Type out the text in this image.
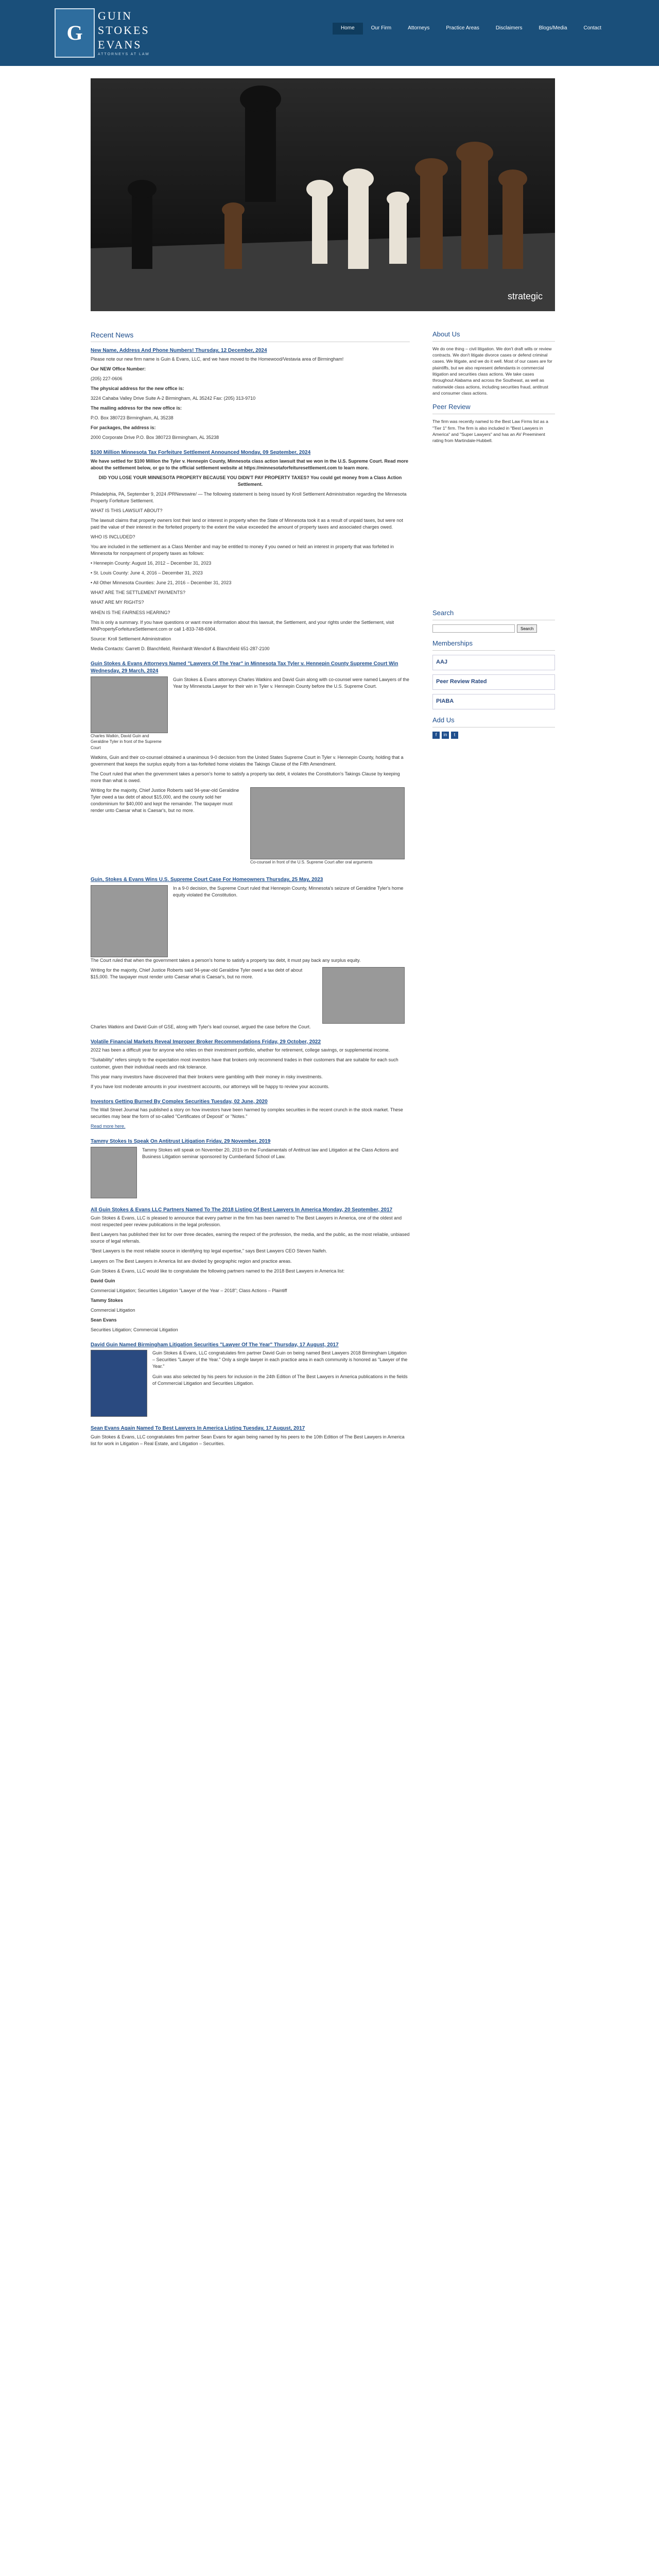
G
GUIN
STOKES
EVANS
ATTORNEYS AT LAW
Home	Our Firm	Attorneys	Practice Areas	Disclaimers	Blogs/Media	Contact
strategic
Recent News
New Name, Address And Phone Numbers! Thursday, 12 December, 2024

Please note our new firm name is Guin & Evans, LLC, and we have moved to the Homewood/Vestavia area of Birmingham!

Our NEW Office Number:

(205) 227-0606

The physical address for the new office is:

3224 Cahaba Valley Drive Suite A-2 Birmingham, AL 35242 Fax: (205) 313-9710

The mailing address for the new office is:

P.O. Box 380723 Birmingham, AL 35238

For packages, the address is:

2000 Corporate Drive P.O. Box 380723 Birmingham, AL 35238

$100 Million Minnesota Tax Forfeiture Settlement Announced Monday, 09 September, 2024

We have settled for $100 Million the Tyler v. Hennepin County, Minnesota class action lawsuit that we won in the U.S. Supreme Court. Read more about the settlement below, or go to the official settlement website at https://minnesotaforfeituresettlement.com to learn more.

DID YOU LOSE YOUR MINNESOTA PROPERTY BECAUSE YOU DIDN'T PAY PROPERTY TAXES? You could get money from a Class Action Settlement.

Philadelphia, PA, September 9, 2024 /PRNewswire/ — The following statement is being issued by Kroll Settlement Administration regarding the Minnesota Property Forfeiture Settlement.

WHAT IS THIS LAWSUIT ABOUT?

The lawsuit claims that property owners lost their land or interest in property when the State of Minnesota took it as a result of unpaid taxes, but were not paid the value of their interest in the forfeited property to the extent the value exceeded the amount of property taxes and associated charges owed.

WHO IS INCLUDED?

You are included in the settlement as a Class Member and may be entitled to money if you owned or held an interest in property that was forfeited in Minnesota for nonpayment of property taxes as follows:

• Hennepin County: August 16, 2012 – December 31, 2023

• St. Louis County: June 4, 2016 – December 31, 2023

• All Other Minnesota Counties: June 21, 2016 – December 31, 2023

WHAT ARE THE SETTLEMENT PAYMENTS?

WHAT ARE MY RIGHTS?

WHEN IS THE FAIRNESS HEARING?

This is only a summary. If you have questions or want more information about this lawsuit, the Settlement, and your rights under the Settlement, visit MNPropertyForfeitureSettlement.com or call 1-833-748-6904.

Source: Kroll Settlement Administration

Media Contacts: Garrett D. Blanchfield, Reinhardt Wendorf & Blanchfield 651-287-2100

Guin Stokes & Evans Attorneys Named "Lawyers Of The Year" in Minnesota Tax Tyler v. Hennepin County Supreme Court Win Wednesday, 29 March, 2024

Charles Watkin, David Guin and Geraldine Tyler in front of the Supreme Court

Guin Stokes & Evans attorneys Charles Watkins and David Guin along with co-counsel were named Lawyers of the Year by Minnesota Lawyer for their win in Tyler v. Hennepin County before the U.S. Supreme Court.

Watkins, Guin and their co-counsel obtained a unanimous 9-0 decision from the United States Supreme Court in Tyler v. Hennepin County, holding that a government that keeps the surplus equity from a tax-forfeited home violates the Takings Clause of the Fifth Amendment.

The Court ruled that when the government takes a person's home to satisfy a property tax debt, it violates the Constitution's Takings Clause by keeping more than what is owed.

Writing for the majority, Chief Justice Roberts said 94-year-old Geraldine Tyler owed a tax debt of about $15,000, and the county sold her condominium for $40,000 and kept the remainder. The taxpayer must render unto Caesar what is Caesar's, but no more.

Co-counsel in front of the U.S. Supreme Court after oral arguments

Guin, Stokes & Evans Wins U.S. Supreme Court Case For Homeowners Thursday, 25 May, 2023

In a 9-0 decision, the Supreme Court ruled that Hennepin County, Minnesota's seizure of Geraldine Tyler's home equity violated the Constitution.

The Court ruled that when the government takes a person's home to satisfy a property tax debt, it must pay back any surplus equity.

Writing for the majority, Chief Justice Roberts said 94-year-old Geraldine Tyler owed a tax debt of about $15,000. The taxpayer must render unto Caesar what is Caesar's, but no more.

Charles Watkins and David Guin of GSE, along with Tyler's lead counsel, argued the case before the Court.

Volatile Financial Markets Reveal Improper Broker Recommendations Friday, 29 October, 2022

2022 has been a difficult year for anyone who relies on their investment portfolio, whether for retirement, college savings, or supplemental income.

"Suitability" refers simply to the expectation most investors have that brokers only recommend trades in their customers that are suitable for each such customer, given their individual needs and risk tolerance.

This year many investors have discovered that their brokers were gambling with their money in risky investments.

If you have lost moderate amounts in your investment accounts, our attorneys will be happy to review your accounts.

Investors Getting Burned By Complex Securities Tuesday, 02 June, 2020

The Wall Street Journal has published a story on how investors have been harmed by complex securities in the recent crunch in the stock market. These securities may bear the form of so-called "Certificates of Deposit" or "Notes."

Read more here.

Tammy Stokes Is Speak On Antitrust Litigation Friday, 29 November, 2019

Tammy Stokes will speak on November 20, 2019 on the Fundamentals of Antitrust law and Litigation at the Class Actions and Business Litigation seminar sponsored by Cumberland School of Law.

All Guin Stokes & Evans LLC Partners Named To The 2018 Listing Of Best Lawyers In America Monday, 20 September, 2017

Guin Stokes & Evans, LLC is pleased to announce that every partner in the firm has been named to The Best Lawyers in America, one of the oldest and most respected peer review publications in the legal profession.

Best Lawyers has published their list for over three decades, earning the respect of the profession, the media, and the public, as the most reliable, unbiased source of legal referrals.

"Best Lawyers is the most reliable source in identifying top legal expertise," says Best Lawyers CEO Steven Naifeh.

Lawyers on The Best Lawyers in America list are divided by geographic region and practice areas.

Guin Stokes & Evans, LLC would like to congratulate the following partners named to the 2018 Best Lawyers in America list:

David Guin

Commercial Litigation; Securities Litigation "Lawyer of the Year – 2018"; Class Actions – Plaintiff

Tammy Stokes

Commercial Litigation

Sean Evans

Securities Litigation; Commercial Litigation

David Guin Named Birmingham Litigation Securities "Lawyer Of The Year" Thursday, 17 August, 2017

Guin Stokes & Evans, LLC congratulates firm partner David Guin on being named Best Lawyers 2018 Birmingham Litigation – Securities "Lawyer of the Year." Only a single lawyer in each practice area in each community is honored as "Lawyer of the Year."

Guin was also selected by his peers for inclusion in the 24th Edition of The Best Lawyers in America publications in the fields of Commercial Litigation and Securities Litigation.

Sean Evans Again Named To Best Lawyers In America Listing Tuesday, 17 August, 2017

Guin Stokes & Evans, LLC congratulates firm partner Sean Evans for again being named by his peers to the 10th Edition of The Best Lawyers in America list for work in Litigation – Real Estate, and Litigation – Securities.

About Us

We do one thing – civil litigation. We don't draft wills or review contracts. We don't litigate divorce cases or defend criminal cases. We litigate, and we do it well. Most of our cases are for plaintiffs, but we also represent defendants in commercial litigation and securities class actions. We take cases throughout Alabama and across the Southeast, as well as nationwide class actions, including securities fraud, antitrust and consumer class actions.

Peer Review

The firm was recently named to the Best Law Firms list as a "Tier 1" firm. The firm is also included in "Best Lawyers in America" and "Super Lawyers" and has an AV Preeminent rating from Martindale-Hubbell.

Search
Search
Memberships
AAJ
Peer Review Rated
PIABA
Add Us
f	in	t
